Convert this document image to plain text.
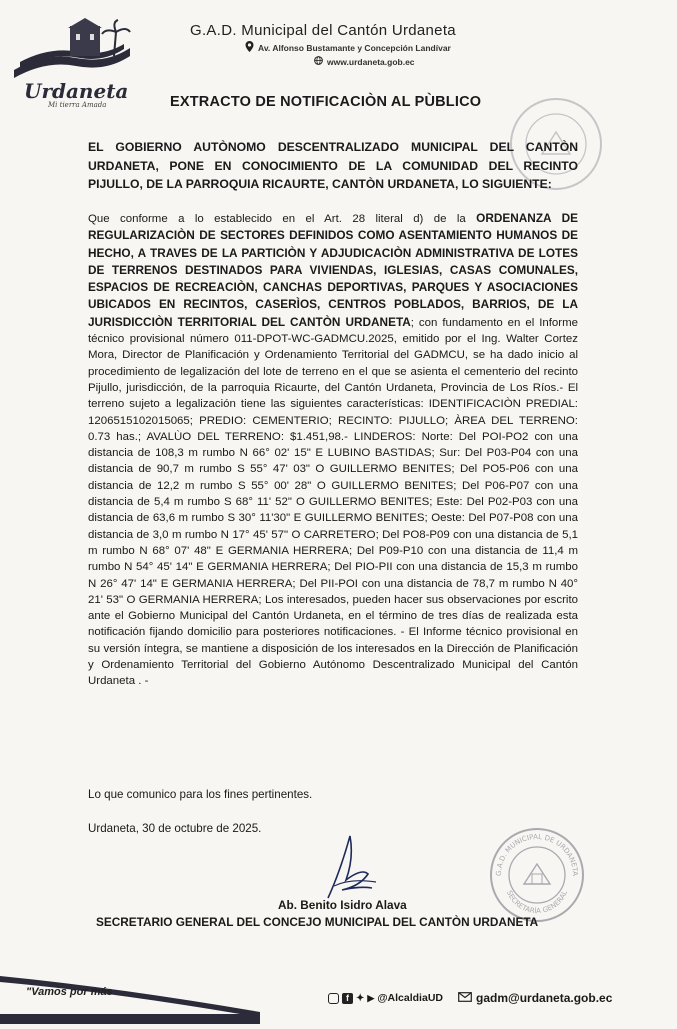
Urdaneta
Mi tierra Amada
G.A.D. Municipal del Cantón Urdaneta
Av. Alfonso Bustamante y Concepción Landívar
www.urdaneta.gob.ec
EXTRACTO DE NOTIFICACIÒN AL PÙBLICO
EL GOBIERNO AUTÒNOMO DESCENTRALIZADO MUNICIPAL DEL CANTÒN URDANETA, PONE EN CONOCIMIENTO DE LA COMUNIDAD DEL RECINTO PIJULLO, DE LA PARROQUIA RICAURTE, CANTÒN URDANETA, LO SIGUIENTE:
Que conforme a lo establecido en el Art. 28 literal d) de la ORDENANZA DE REGULARIZACIÒN DE SECTORES DEFINIDOS COMO ASENTAMIENTO HUMANOS DE HECHO, A TRAVES DE LA PARTICIÒN Y ADJUDICACIÒN ADMINISTRATIVA DE LOTES DE TERRENOS DESTINADOS PARA VIVIENDAS, IGLESIAS, CASAS COMUNALES, ESPACIOS DE RECREACIÒN, CANCHAS DEPORTIVAS, PARQUES Y ASOCIACIONES UBICADOS EN RECINTOS, CASERÌOS, CENTROS POBLADOS, BARRIOS, DE LA JURISDICCIÒN TERRITORIAL DEL CANTÒN URDANETA; con fundamento en el Informe técnico provisional número 011-DPOT-WC-GADMCU.2025, emitido por el Ing. Walter Cortez Mora, Director de Planificación y Ordenamiento Territorial del GADMCU, se ha dado inicio al procedimiento de legalización del lote de terreno en el que se asienta el cementerio del recinto Pijullo, jurisdicción, de la parroquia Ricaurte, del Cantón Urdaneta, Provincia de Los Ríos.- El terreno sujeto a legalización tiene las siguientes características: IDENTIFICACIÒN PREDIAL: 1206515102015065; PREDIO: CEMENTERIO; RECINTO: PIJULLO; ÀREA DEL TERRENO: 0.73 has.; AVALÙO DEL TERRENO: $1.451,98.- LINDEROS: Norte: Del POI-PO2 con una distancia de 108,3 m rumbo N 66° 02' 15" E LUBINO BASTIDAS; Sur: Del P03-P04 con una distancia de 90,7 m rumbo S 55° 47' 03" O GUILLERMO BENITES; Del PO5-P06 con una distancia de 12,2 m rumbo S 55° 00' 28" O GUILLERMO BENITES; Del P06-P07 con una distancia de 5,4 m rumbo S 68° 11' 52" O GUILLERMO BENITES; Este: Del P02-P03 con una distancia de 63,6 m rumbo S 30° 11'30" E GUILLERMO BENITES; Oeste: Del P07-P08 con una distancia de 3,0 m rumbo N 17° 45' 57" O CARRETERO; Del PO8-P09 con una distancia de 5,1 m rumbo N 68° 07' 48" E GERMANIA HERRERA; Del P09-P10 con una distancia de 11,4 m rumbo N 54° 45' 14" E GERMANIA HERRERA; Del PIO-PII con una distancia de 15,3 m rumbo N 26° 47' 14" E GERMANIA HERRERA; Del PII-POI con una distancia de 78,7 m rumbo N 40° 21' 53" O GERMANIA HERRERA; Los interesados, pueden hacer sus observaciones por escrito ante el Gobierno Municipal del Cantón Urdaneta, en el término de tres días de realizada esta notificación fijando domicilio para posteriores notificaciones. - El Informe técnico provisional en su versión íntegra, se mantiene a disposición de los interesados en la Dirección de Planificación y Ordenamiento Territorial del Gobierno Autónomo Descentralizado Municipal del Cantón Urdaneta . -
Lo que comunico para los fines pertinentes.
Urdaneta, 30 de octubre de 2025.
G.A.D. MUNICIPAL DE URDANETA
SECRETARÍA GENERAL
Ab. Benito Isidro Alava
SECRETARIO GENERAL DEL CONCEJO MUNICIPAL DEL CANTÒN URDANETA
"Vamos por más	f ✦ ▶ @AlcaldiaUD	gadm@urdaneta.gob.ec
